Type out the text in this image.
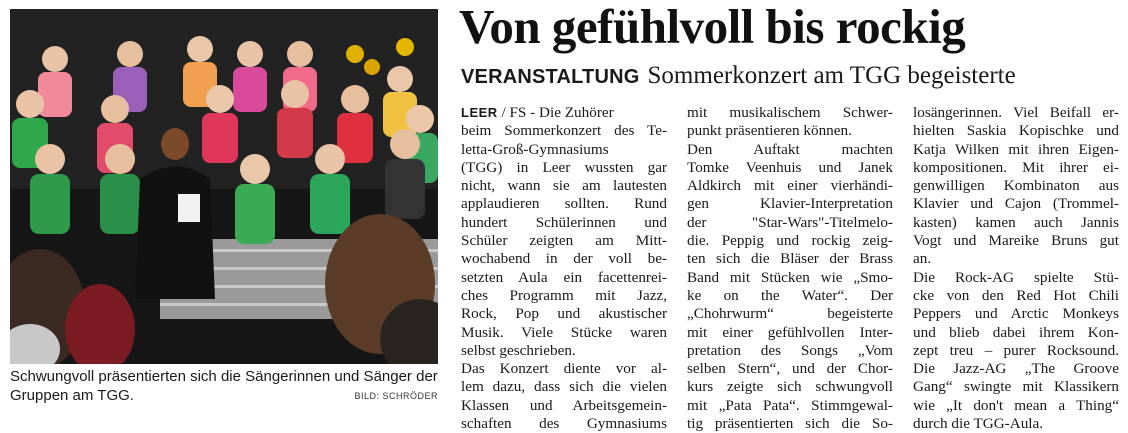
Schwungvoll präsentierten sich die Sängerinnen und Sänger der Gruppen am TGG.	BILD: SCHRÖDER
Von gefühlvoll bis rockig
VERANSTALTUNG Sommerkonzert am TGG begeisterte
LEER / FS - Die Zuhörer
beim Sommerkonzert des Te-
letta-Groß-Gymnasiums
(TGG) in Leer wussten gar
nicht, wann sie am lautesten
applaudieren sollten. Rund
hundert Schülerinnen und
Schüler zeigten am Mitt-
wochabend in der voll be-
setzten Aula ein facettenrei-
ches Programm mit Jazz,
Rock, Pop und akustischer
Musik. Viele Stücke waren
selbst geschrieben.
Das Konzert diente vor al-
lem dazu, dass sich die vielen
Klassen und Arbeitsgemein-
schaften des Gymnasiums
mit musikalischem Schwer-
punkt präsentieren können.
Den Auftakt machten
Tomke Veenhuis und Janek
Aldkirch mit einer vierhändi-
gen Klavier-Interpretation
der "Star-Wars"-Titelmelo-
die. Peppig und rockig zeig-
ten sich die Bläser der Brass
Band mit Stücken wie „Smo-
ke on the Water“. Der
„Chohrwurm“ begeisterte
mit einer gefühlvollen Inter-
pretation des Songs „Vom
selben Stern“, und der Chor-
kurs zeigte sich schwungvoll
mit „Pata Pata“. Stimmgewal-
tig präsentierten sich die So-
losängerinnen. Viel Beifall er-
hielten Saskia Kopischke und
Katja Wilken mit ihren Eigen-
kompositionen. Mit ihrer ei-
genwilligen Kombinaton aus
Klavier und Cajon (Trommel-
kasten) kamen auch Jannis
Vogt und Mareike Bruns gut
an.
Die Rock-AG spielte Stü-
cke von den Red Hot Chili
Peppers und Arctic Monkeys
und blieb dabei ihrem Kon-
zept treu – purer Rocksound.
Die Jazz-AG „The Groove
Gang“ swingte mit Klassikern
wie „It don't mean a Thing“
durch die TGG-Aula.
